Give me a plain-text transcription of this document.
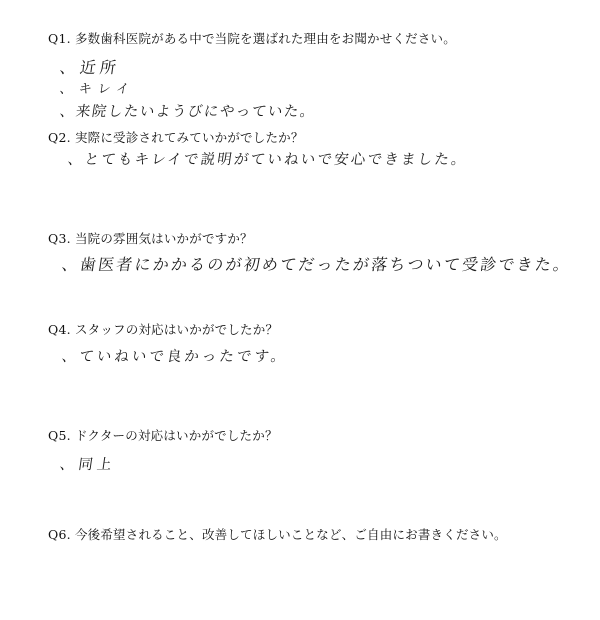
Q1. 多数歯科医院がある中で当院を選ばれた理由をお聞かせください。
、近所
、キレイ
、来院したいようびにやっていた。
Q2. 実際に受診されてみていかがでしたか？
、とてもキレイで説明がていねいで安心できました。
Q3. 当院の雰囲気はいかがですか？
、歯医者にかかるのが初めてだったが落ちついて受診できた。
Q4. スタッフの対応はいかがでしたか？
、ていねいで良かったです。
Q5. ドクターの対応はいかがでしたか？
、同上
Q6. 今後希望されること、改善してほしいことなど、ご自由にお書きください。
